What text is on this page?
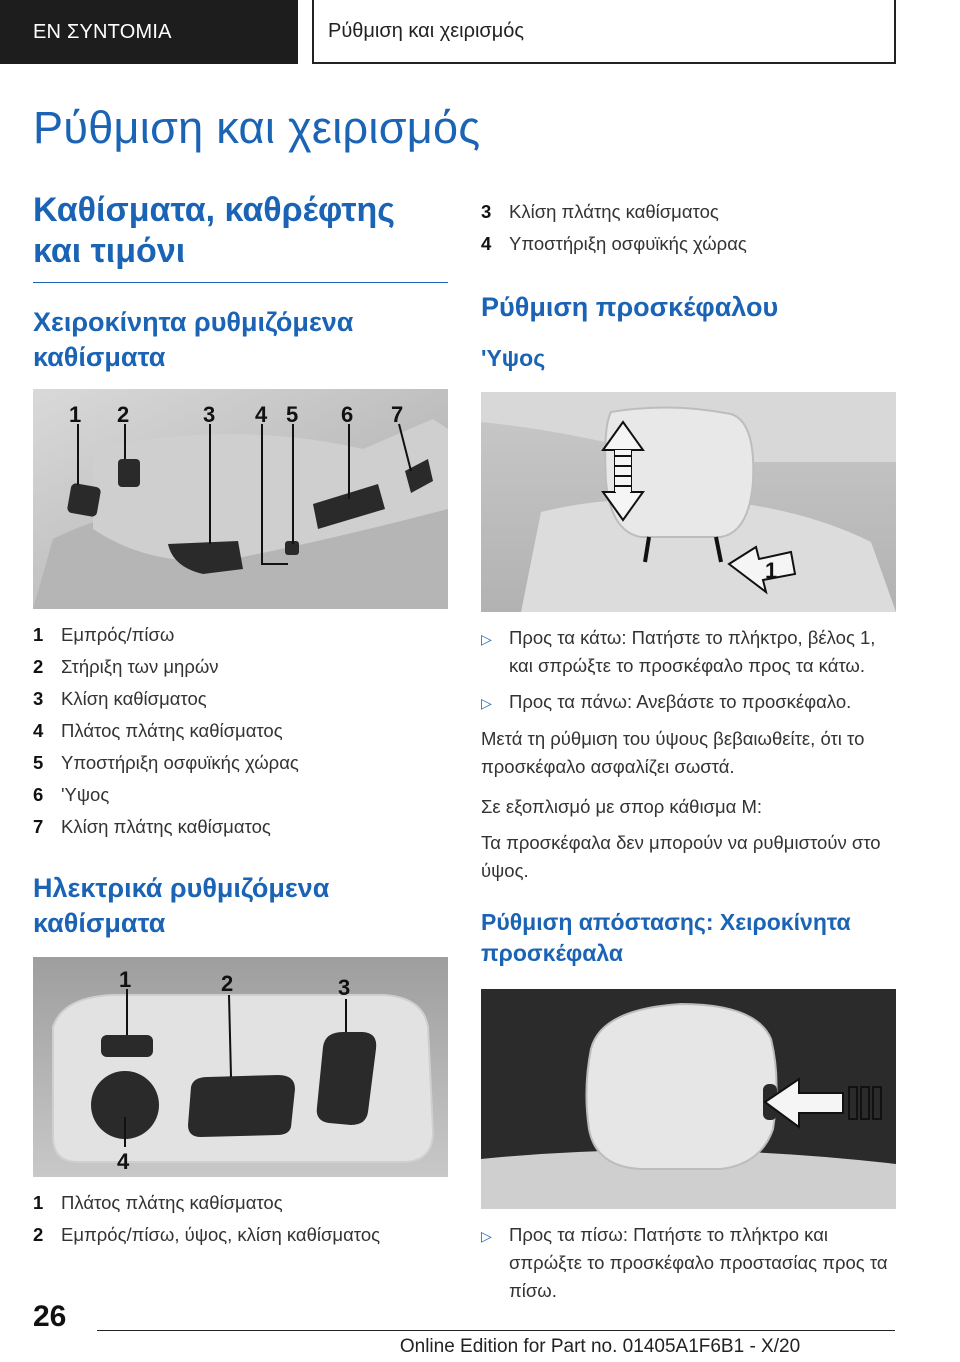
ΕΝ ΣΥΝΤΟΜΙΑ	Ρύθμιση και χειρισμός
Ρύθμιση και χειρισμός
Καθίσματα, καθρέφτης και τιμόνι
Χειροκίνητα ρυθμιζόμενα καθίσματα
1 2	3 4 5 6 7
1 Εμπρός/πίσω
2 Στήριξη των μηρών
3 Κλίση καθίσματος
4 Πλάτος πλάτης καθίσματος
5 Υποστήριξη οσφυϊκής χώρας
6 'Υψος
7 Κλίση πλάτης καθίσματος
Ηλεκτρικά ρυθμιζόμενα καθίσματα
1	2	3
4
1 Πλάτος πλάτης καθίσματος
2 Εμπρός/πίσω, ύψος, κλίση καθίσματος
3 Κλίση πλάτης καθίσματος
4 Υποστήριξη οσφυϊκής χώρας
Ρύθμιση προσκέφαλου
'Υψος
1
▷ Προς τα κάτω: Πατήστε το πλήκτρο, βέλος 1, και σπρώξτε το προσκέφαλο προς τα κάτω.
▷ Προς τα πάνω: Ανεβάστε το προσκέφαλο.

Μετά τη ρύθμιση του ύψους βεβαιωθείτε, ότι το προσκέφαλο ασφαλίζει σωστά.

Σε εξοπλισμό με σπορ κάθισμα M:

Τα προσκέφαλα δεν μπορούν να ρυθμιστούν στο ύψος.

Ρύθμιση απόστασης: Χειροκίνητα προσκέφαλα
▷ Προς τα πίσω: Πατήστε το πλήκτρο και σπρώξτε το προσκέφαλο προστασίας προς τα πίσω.
26
Online Edition for Part no. 01405A1F6B1 - X/20
